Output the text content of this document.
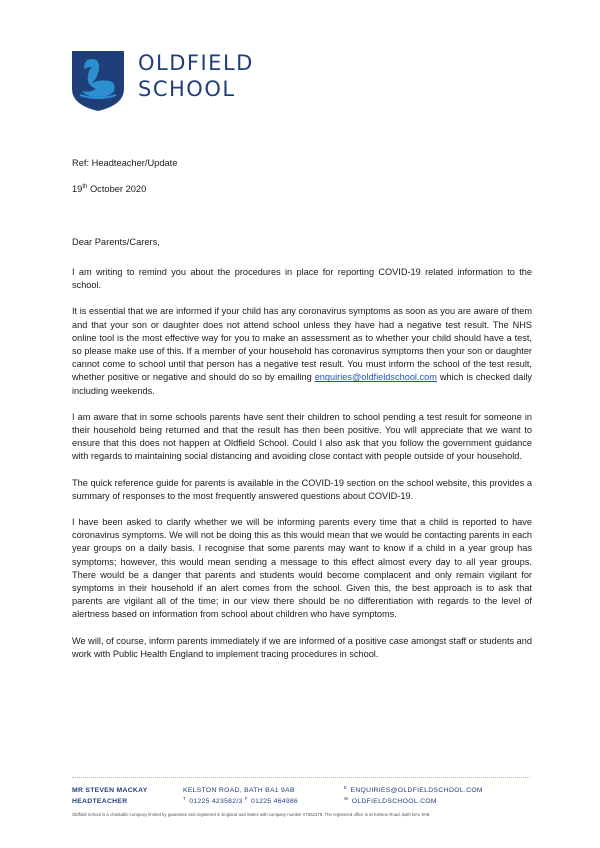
OLDFIELD
SCHOOL
Ref: Headteacher/Update
19th October 2020
Dear Parents/Carers,

I am writing to remind you about the procedures in place for reporting COVID-19 related information to the school.

It is essential that we are informed if your child has any coronavirus symptoms as soon as you are aware of them and that your son or daughter does not attend school unless they have had a negative test result. The NHS online tool is the most effective way for you to make an assessment as to whether your child should have a test, so please make use of this. If a member of your household has coronavirus symptoms then your son or daughter cannot come to school until that person has a negative test result. You must inform the school of the test result, whether positive or negative and should do so by emailing enquiries@oldfieldschool.com which is checked daily including weekends.

I am aware that in some schools parents have sent their children to school pending a test result for someone in their household being returned and that the result has then been positive. You will appreciate that we want to ensure that this does not happen at Oldfield School. Could I also ask that you follow the government guidance with regards to maintaining social distancing and avoiding close contact with people outside of your household.

The quick reference guide for parents is available in the COVID-19 section on the school website, this provides a summary of responses to the most frequently answered questions about COVID-19.

I have been asked to clarify whether we will be informing parents every time that a child is reported to have coronavirus symptoms. We will not be doing this as this would mean that we would be contacting parents in each year groups on a daily basis. I recognise that some parents may want to know if a child in a year group has symptoms; however, this would mean sending a message to this effect almost every day to all year groups. There would be a danger that parents and students would become complacent and only remain vigilant for symptoms in their household if an alert comes from the school. Given this, the best approach is to ask that parents are vigilant all of the time; in our view there should be no differentiation with regards to the level of alertness based on information from school about children who have symptoms.

We will, of course, inform parents immediately if we are informed of a positive case amongst staff or students and work with Public Health England to implement tracing procedures in school.

MR STEVEN MACKAY
HEADTEACHER
KELSTON ROAD, BATH BA1 9AB
$^T$ 01225 423582/3 $^F$ 01225 464986
$^E$ ENQUIRIES@OLDFIELDSCHOOL.COM
$^W$ OLDFIELDSCHOOL.COM
Oldfield School is a charitable company limited by guarantee and registered in England and Wales with company number 07562179. The registered office is at Kelston Road, Bath BA1 9AB
